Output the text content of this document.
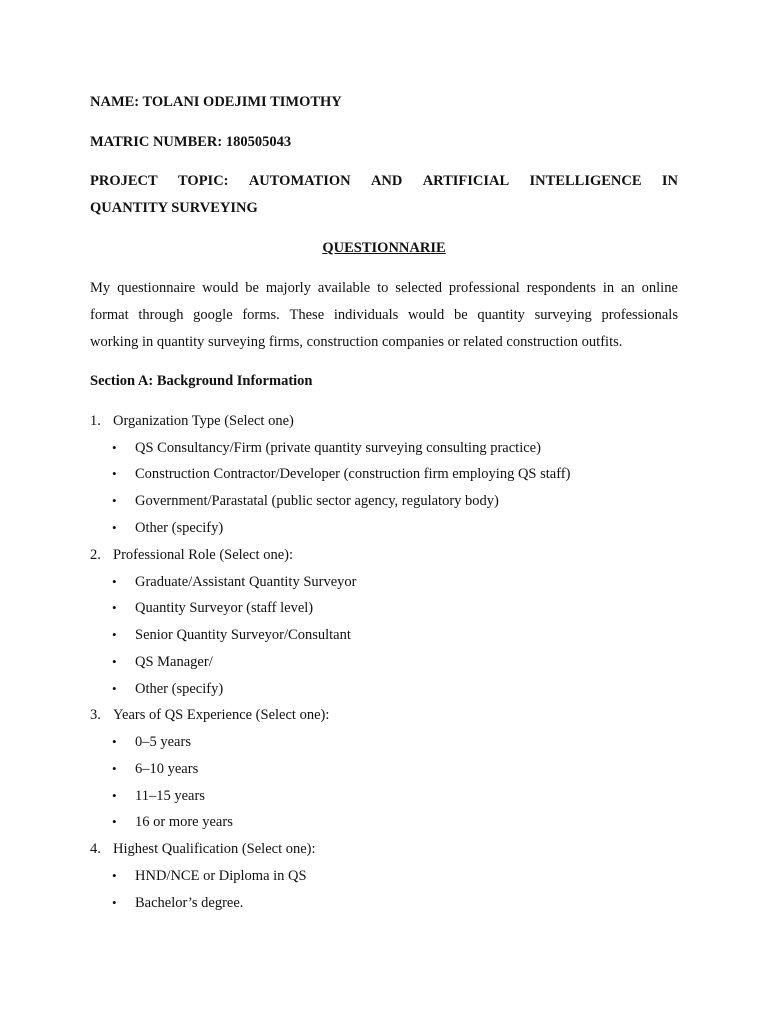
NAME: TOLANI ODEJIMI TIMOTHY
MATRIC NUMBER: 180505043
PROJECT TOPIC: AUTOMATION AND ARTIFICIAL INTELLIGENCE IN
QUANTITY SURVEYING
QUESTIONNARIE
My questionnaire would be majorly available to selected professional respondents in an online
format through google forms. These individuals would be quantity surveying professionals
working in quantity surveying firms, construction companies or related construction outfits.
Section A: Background Information
1. Organization Type (Select one)
• QS Consultancy/Firm (private quantity surveying consulting practice)
• Construction Contractor/Developer (construction firm employing QS staff)
• Government/Parastatal (public sector agency, regulatory body)
• Other (specify)
2. Professional Role (Select one):
• Graduate/Assistant Quantity Surveyor
• Quantity Surveyor (staff level)
• Senior Quantity Surveyor/Consultant
• QS Manager/
• Other (specify)
3. Years of QS Experience (Select one):
• 0–5 years
• 6–10 years
• 11–15 years
• 16 or more years
4. Highest Qualification (Select one):
• HND/NCE or Diploma in QS
• Bachelor’s degree.
